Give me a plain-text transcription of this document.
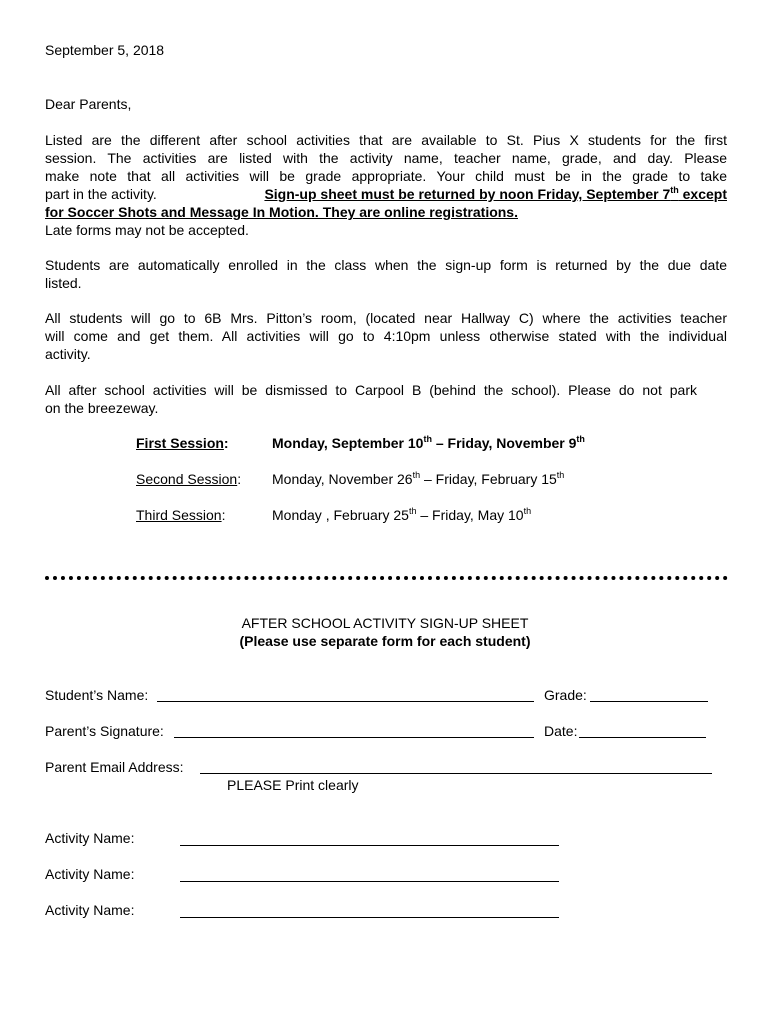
September 5, 2018
Dear Parents,
Listed are the different after school activities that are available to St. Pius X students for the first
session. The activities are listed with the activity name, teacher name, grade, and day. Please
make note that all activities will be grade appropriate. Your child must be in the grade to take
part in the activity.	Sign-up sheet must be returned by noon Friday, September 7th except
for Soccer Shots and Message In Motion. They are online registrations.
Late forms may not be accepted.
Students are automatically enrolled in the class when the sign-up form is returned by the due date
listed.
All students will go to 6B Mrs. Pitton’s room, (located near Hallway C) where the activities teacher
will come and get them. All activities will go to 4:10pm unless otherwise stated with the individual
activity.
All after school activities will be dismissed to Carpool B (behind the school). Please do not park
on the breezeway.
First Session:	Monday, September 10th – Friday, November 9th
Second Session: Monday, November 26th – Friday, February 15th
Third Session:	Monday , February 25th – Friday, May 10th
AFTER SCHOOL ACTIVITY SIGN-UP SHEET
(Please use separate form for each student)
Student’s Name:	Grade:
Parent’s Signature:	Date:
Parent Email Address:
PLEASE Print clearly
Activity Name:
Activity Name:
Activity Name:
